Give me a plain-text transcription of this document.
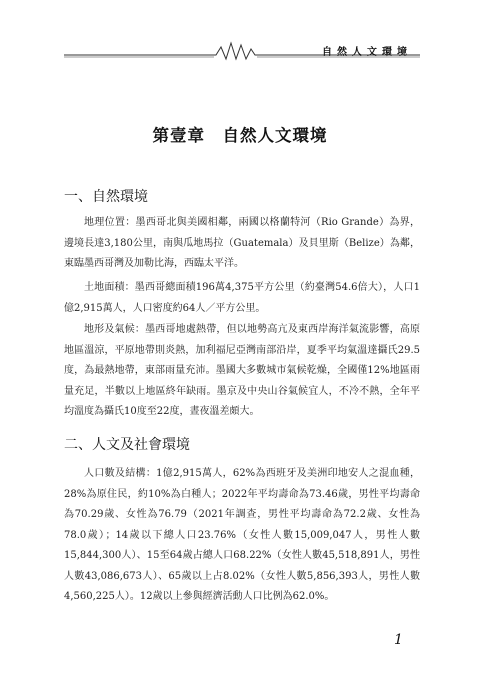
自然人文環境
第壹章　自然人文環境
一、自然環境

地理位置：墨西哥北與美國相鄰，兩國以格蘭特河（Rio Grande）為界，邊境長達3,180公里，南與瓜地馬拉（Guatemala）及貝里斯（Belize）為鄰，東臨墨西哥灣及加勒比海，西臨太平洋。

土地面積：墨西哥總面積196萬4,375平方公里（約臺灣54.6倍大），人口1億2,915萬人，人口密度約64人／平方公里。

地形及氣候：墨西哥地處熱帶，但以地勢高亢及東西岸海洋氣流影響，高原地區溫涼，平原地帶則炎熱，加利福尼亞灣南部沿岸，夏季平均氣溫達攝氏29.5度，為最熱地帶，東部雨量充沛。墨國大多數城市氣候乾燥，全國僅12%地區雨量充足，半數以上地區終年缺雨。墨京及中央山谷氣候宜人，不冷不熱，全年平均溫度為攝氏10度至22度，晝夜溫差頗大。

二、人文及社會環境

人口數及結構：1億2,915萬人，62%為西班牙及美洲印地安人之混血種，28%為原住民，約10%為白種人；2022年平均壽命為73.46歲，男性平均壽命為70.29歲、女性為76.79（2021年調查，男性平均壽命為72.2歲、女性為78.0歲）；14歲以下總人口23.76%（女性人數15,009,047人，男性人數15,844,300人）、15至64歲占總人口68.22%（女性人數45,518,891人，男性人數43,086,673人）、65歲以上占8.02%（女性人數5,856,393人，男性人數4,560,225人）。12歲以上參與經濟活動人口比例為62.0%。

1
